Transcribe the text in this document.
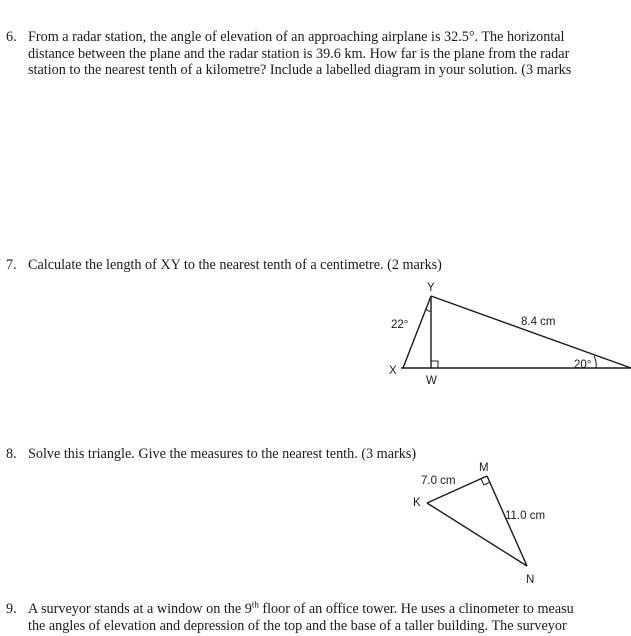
6. From a radar station, the angle of elevation of an approaching airplane is 32.5°. The horizontal
distance between the plane and the radar station is 39.6 km. How far is the plane from the radar
station to the nearest tenth of a kilometre? Include a labelled diagram in your solution. (3 marks
7. Calculate the length of XY to the nearest tenth of a centimetre. (2 marks)
Y
X
W
22°
20°
8.4 cm
8. Solve this triangle. Give the measures to the nearest tenth. (3 marks)
M
K
N
7.0 cm
11.0 cm
9. A surveyor stands at a window on the 9th floor of an office tower. He uses a clinometer to measu
the angles of elevation and depression of the top and the base of a taller building. The surveyor
